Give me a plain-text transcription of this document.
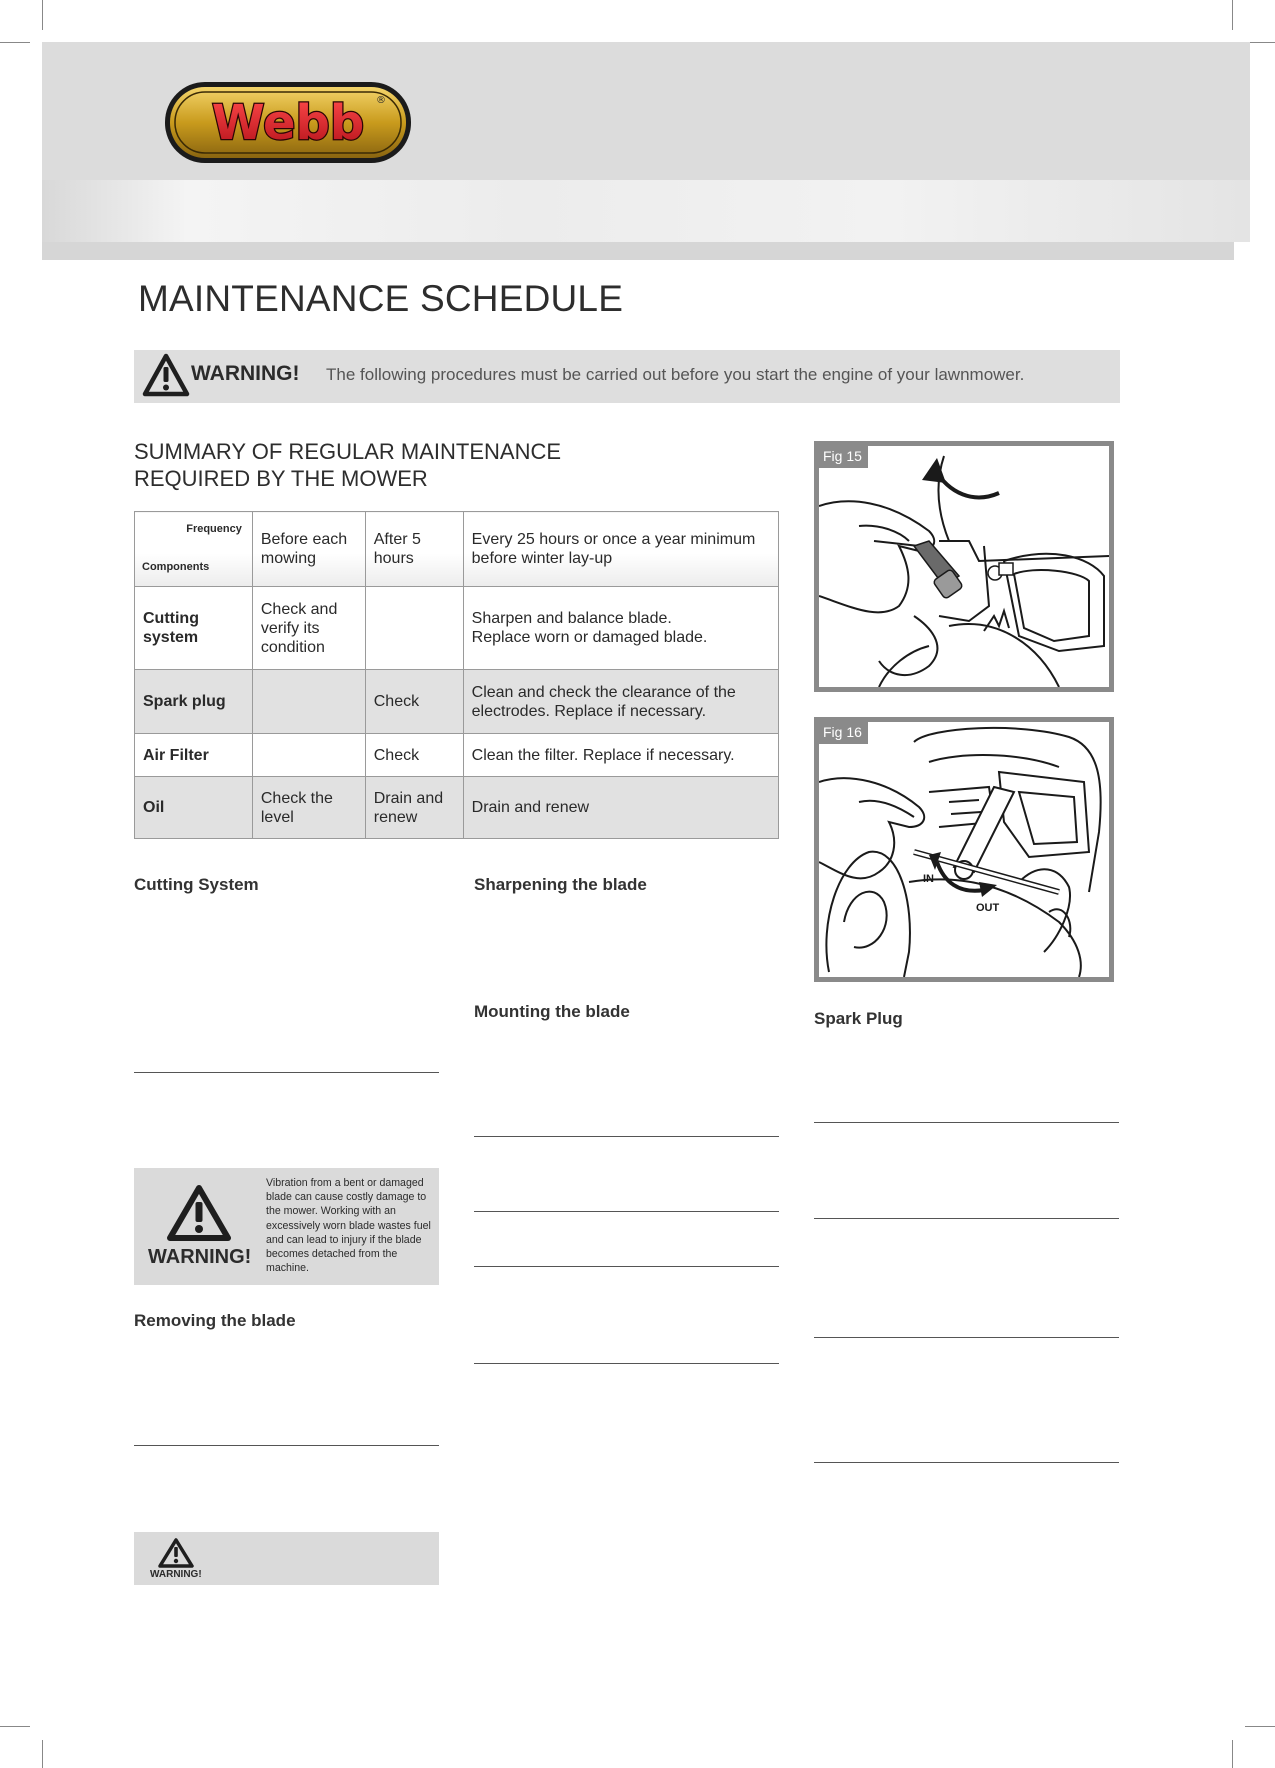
Webb ®
MAINTENANCE SCHEDULE
WARNING! The following procedures must be carried out before you start the engine of your lawnmower.
SUMMARY OF REGULAR MAINTENANCE
REQUIRED BY THE MOWER
Frequency
Components	Before each mowing	After 5 hours	Every 25 hours or once a year minimum before winter lay-up
Cutting system	Check and verify its condition		Sharpen and balance blade.
Replace worn or damaged blade.
Spark plug		Check	Clean and check the clearance of the electrodes. Replace if necessary.
Air Filter		Check	Clean the filter. Replace if necessary.
Oil	Check the level	Drain and renew	Drain and renew
Fig 15
IN
OUT
Fig 16
Cutting System	Sharpening the blade
Mounting the blade	Spark Plug
Removing the blade
WARNING!
Vibration from a bent or damaged blade can cause costly damage to the mower. Working with an excessively worn blade wastes fuel and can lead to injury if the blade becomes detached from the machine.
WARNING!
